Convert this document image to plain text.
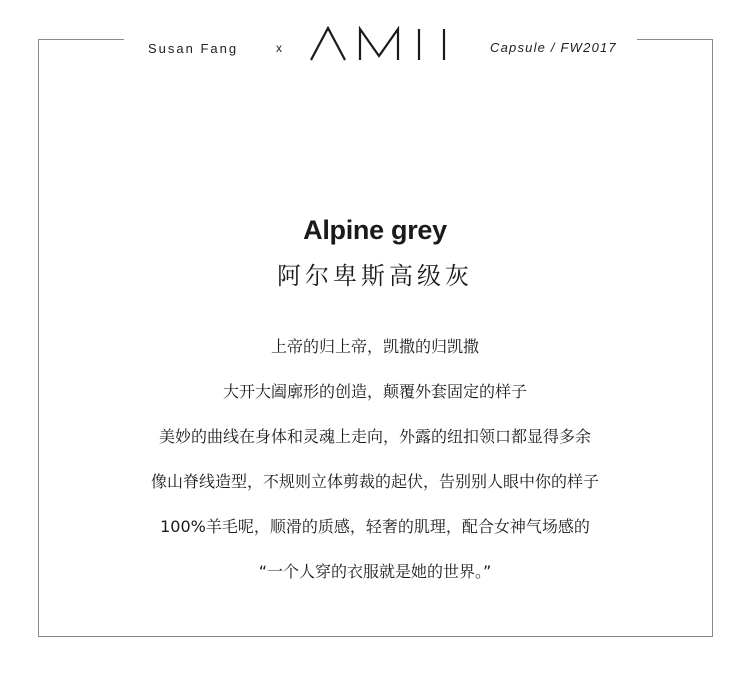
Susan Fang	x	Capsule / FW2017
Alpine grey
阿尔卑斯高级灰
上帝的归上帝，凯撒的归凯撒
大开大阖廓形的创造，颠覆外套固定的样子
美妙的曲线在身体和灵魂上走向，外露的纽扣领口都显得多余
像山脊线造型，不规则立体剪裁的起伏，告别别人眼中你的样子
100%羊毛呢，顺滑的质感，轻奢的肌理，配合女神气场感的
“一个人穿的衣服就是她的世界。”
